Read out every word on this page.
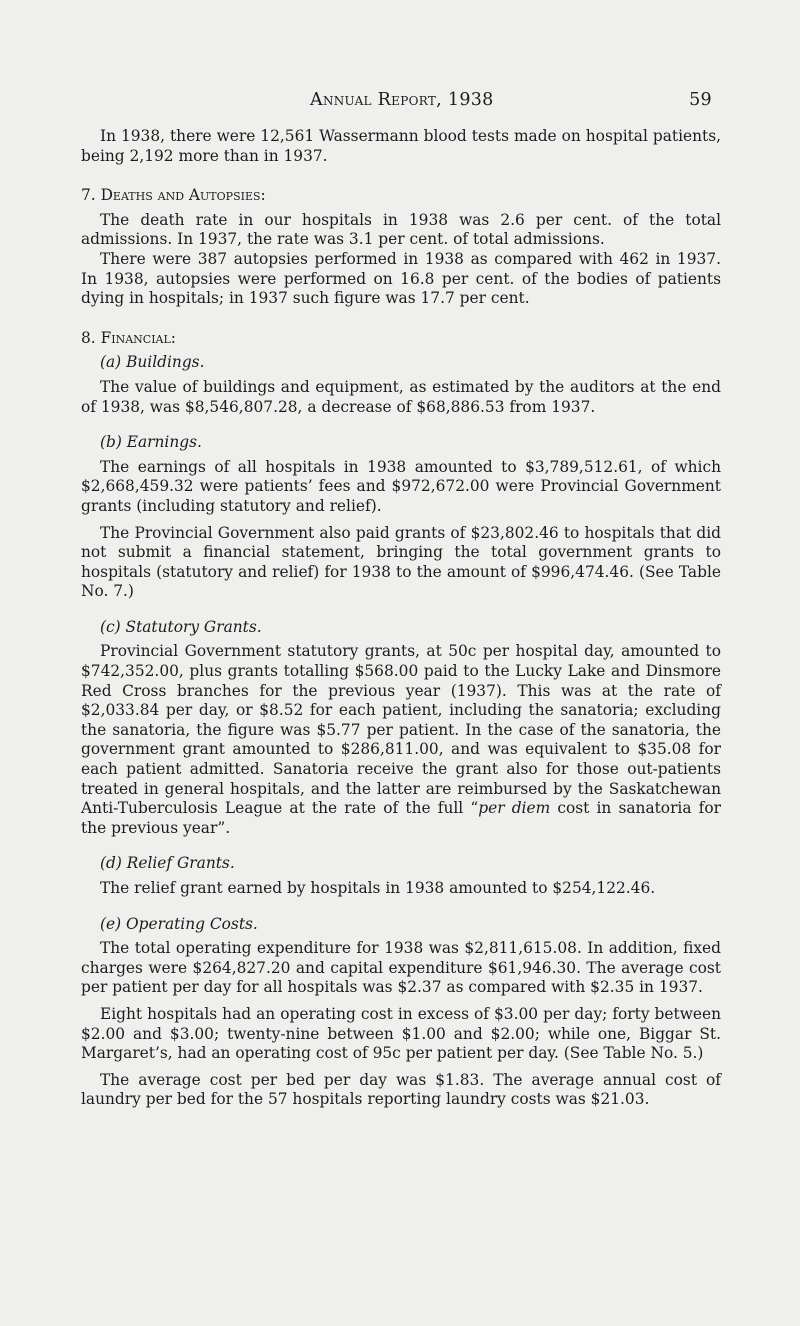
Annual Report, 1938	59

In 1938, there were 12,561 Wassermann blood tests made on hospital patients, being 2,192 more than in 1937.

7. Deaths and Autopsies:

The death rate in our hospitals in 1938 was 2.6 per cent. of the total admissions. In 1937, the rate was 3.1 per cent. of total admissions.

There were 387 autopsies performed in 1938 as compared with 462 in 1937. In 1938, autopsies were performed on 16.8 per cent. of the bodies of patients dying in hospitals; in 1937 such figure was 17.7 per cent.

8. Financial:

(a) Buildings.

The value of buildings and equipment, as estimated by the auditors at the end of 1938, was $8,546,807.28, a decrease of $68,886.53 from 1937.

(b) Earnings.

The earnings of all hospitals in 1938 amounted to $3,789,512.61, of which $2,668,459.32 were patients’ fees and $972,672.00 were Provincial Government grants (including statutory and relief).

The Provincial Government also paid grants of $23,802.46 to hospitals that did not submit a financial statement, bringing the total government grants to hospitals (statutory and relief) for 1938 to the amount of $996,474.46. (See Table No. 7.)

(c) Statutory Grants.

Provincial Government statutory grants, at 50c per hospital day, amounted to $742,352.00, plus grants totalling $568.00 paid to the Lucky Lake and Dinsmore Red Cross branches for the previous year (1937). This was at the rate of $2,033.84 per day, or $8.52 for each patient, including the sanatoria; excluding the sanatoria, the figure was $5.77 per patient. In the case of the sanatoria, the government grant amounted to $286,811.00, and was equivalent to $35.08 for each patient admitted. Sanatoria receive the grant also for those out-patients treated in general hospitals, and the latter are reimbursed by the Saskatchewan Anti-Tuberculosis League at the rate of the full “per diem cost in sanatoria for the previous year”.

(d) Relief Grants.

The relief grant earned by hospitals in 1938 amounted to $254,122.46.

(e) Operating Costs.

The total operating expenditure for 1938 was $2,811,615.08. In addition, fixed charges were $264,827.20 and capital expenditure $61,946.30. The average cost per patient per day for all hospitals was $2.37 as compared with $2.35 in 1937.

Eight hospitals had an operating cost in excess of $3.00 per day; forty between $2.00 and $3.00; twenty-nine between $1.00 and $2.00; while one, Biggar St. Margaret’s, had an operating cost of 95c per patient per day. (See Table No. 5.)

The average cost per bed per day was $1.83. The average annual cost of laundry per bed for the 57 hospitals reporting laundry costs was $21.03.
